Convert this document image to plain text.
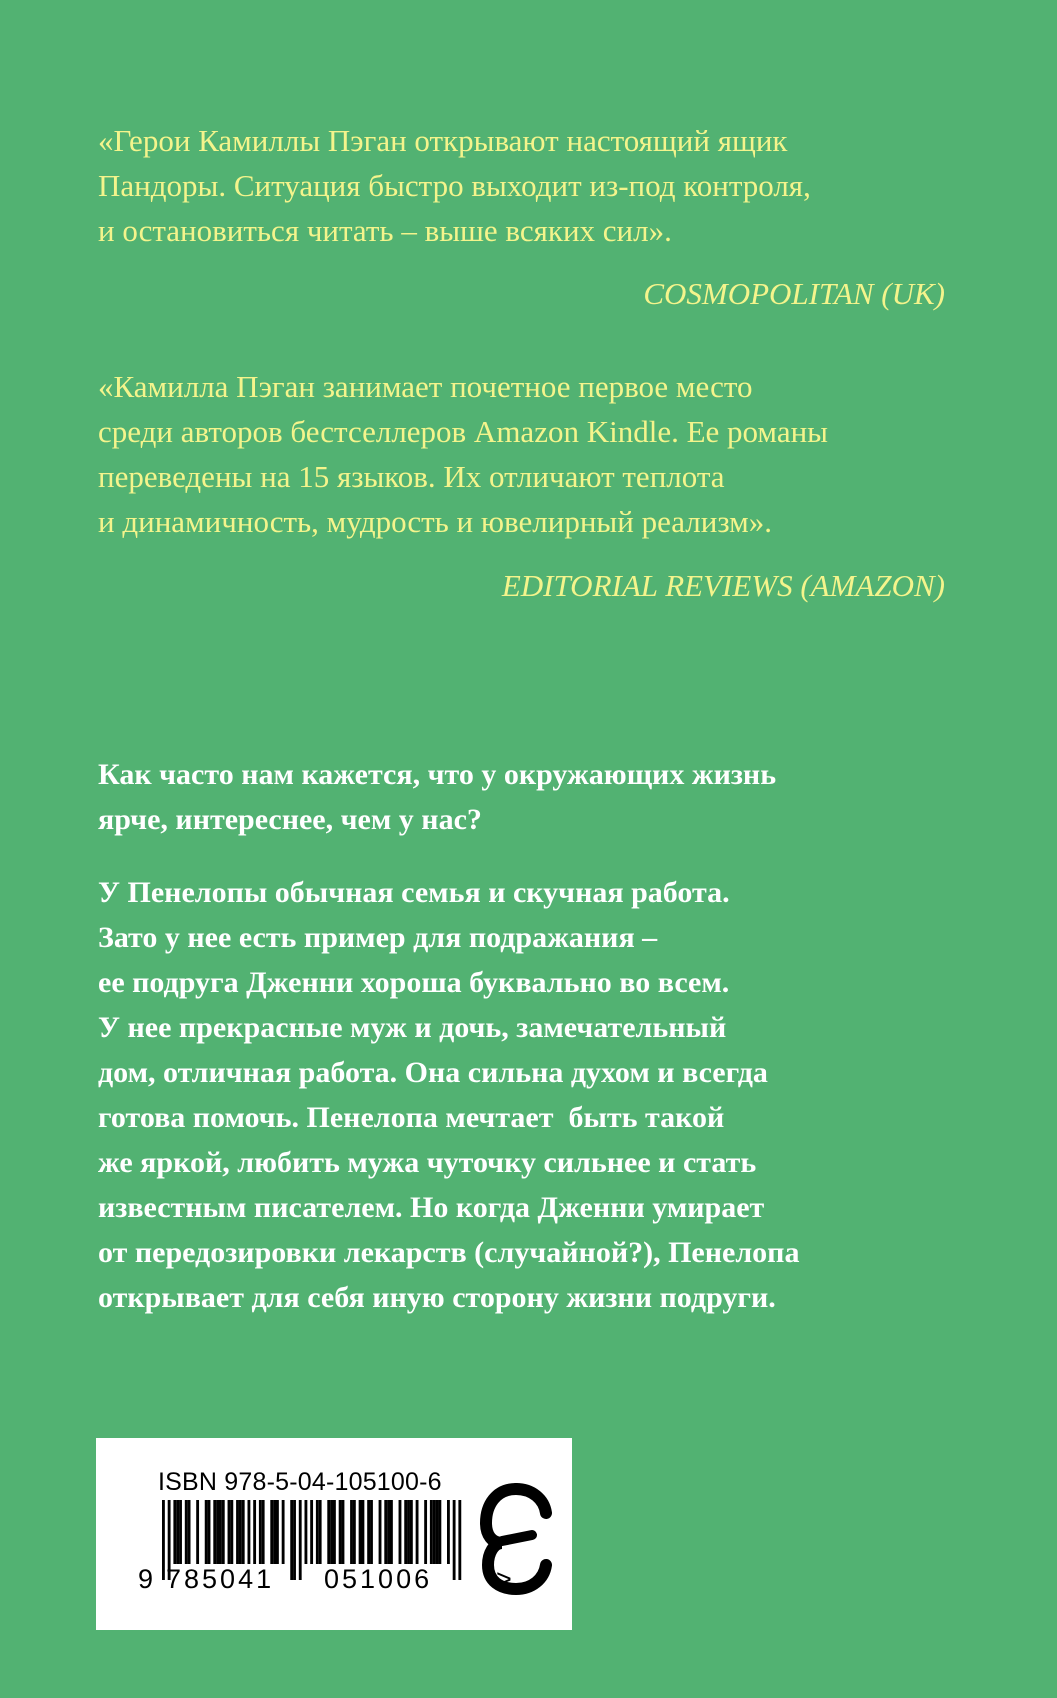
«Герои Камиллы Пэган открывают настоящий ящик
Пандоры. Ситуация быстро выходит из-под контроля,
и остановиться читать – выше всяких сил».
COSMOPOLITAN (UK)
«Камилла Пэган занимает почетное первое место
среди авторов бестселлеров Amazon Kindle. Ее романы
переведены на 15 языков. Их отличают теплота
и динамичность, мудрость и ювелирный реализм».
EDITORIAL REVIEWS (AMAZON)
Как часто нам кажется, что у окружающих жизнь
ярче, интереснее, чем у нас?
У Пенелопы обычная семья и скучная работа.
Зато у нее есть пример для подражания –
ее подруга Дженни хороша буквально во всем.
У нее прекрасные муж и дочь, замечательный
дом, отличная работа. Она сильна духом и всегда
готова помочь. Пенелопа мечтает  быть такой
же яркой, любить мужа чуточку сильнее и стать
известным писателем. Но когда Дженни умирает
от передозировки лекарств (случайной?), Пенелопа
открывает для себя иную сторону жизни подруги.
ISBN 978-5-04-105100-6
9 785041 051006 >
